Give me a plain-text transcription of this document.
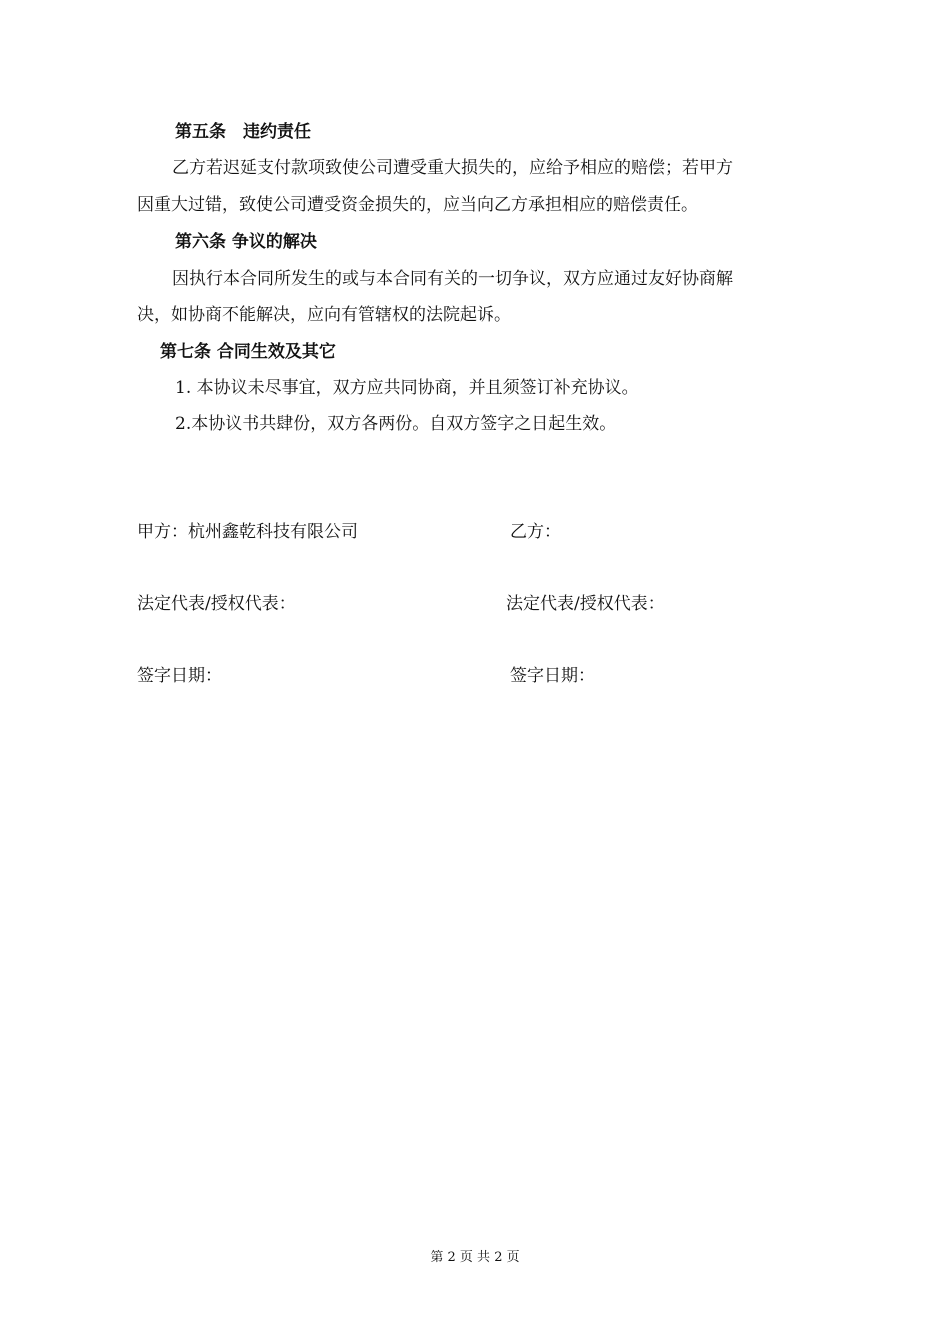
第五条　违约责任
乙方若迟延支付款项致使公司遭受重大损失的，应给予相应的赔偿；若甲方
因重大过错，致使公司遭受资金损失的，应当向乙方承担相应的赔偿责任。
第六条 争议的解决
因执行本合同所发生的或与本合同有关的一切争议，双方应通过友好协商解
决，如协商不能解决，应向有管辖权的法院起诉。
第七条 合同生效及其它
1. 本协议未尽事宜，双方应共同协商，并且须签订补充协议。
2.本协议书共肆份，双方各两份。自双方签字之日起生效。
甲方：杭州鑫乾科技有限公司	乙方：
法定代表/授权代表：	法定代表/授权代表：
签字日期：	签字日期：
第 2 页 共 2 页
